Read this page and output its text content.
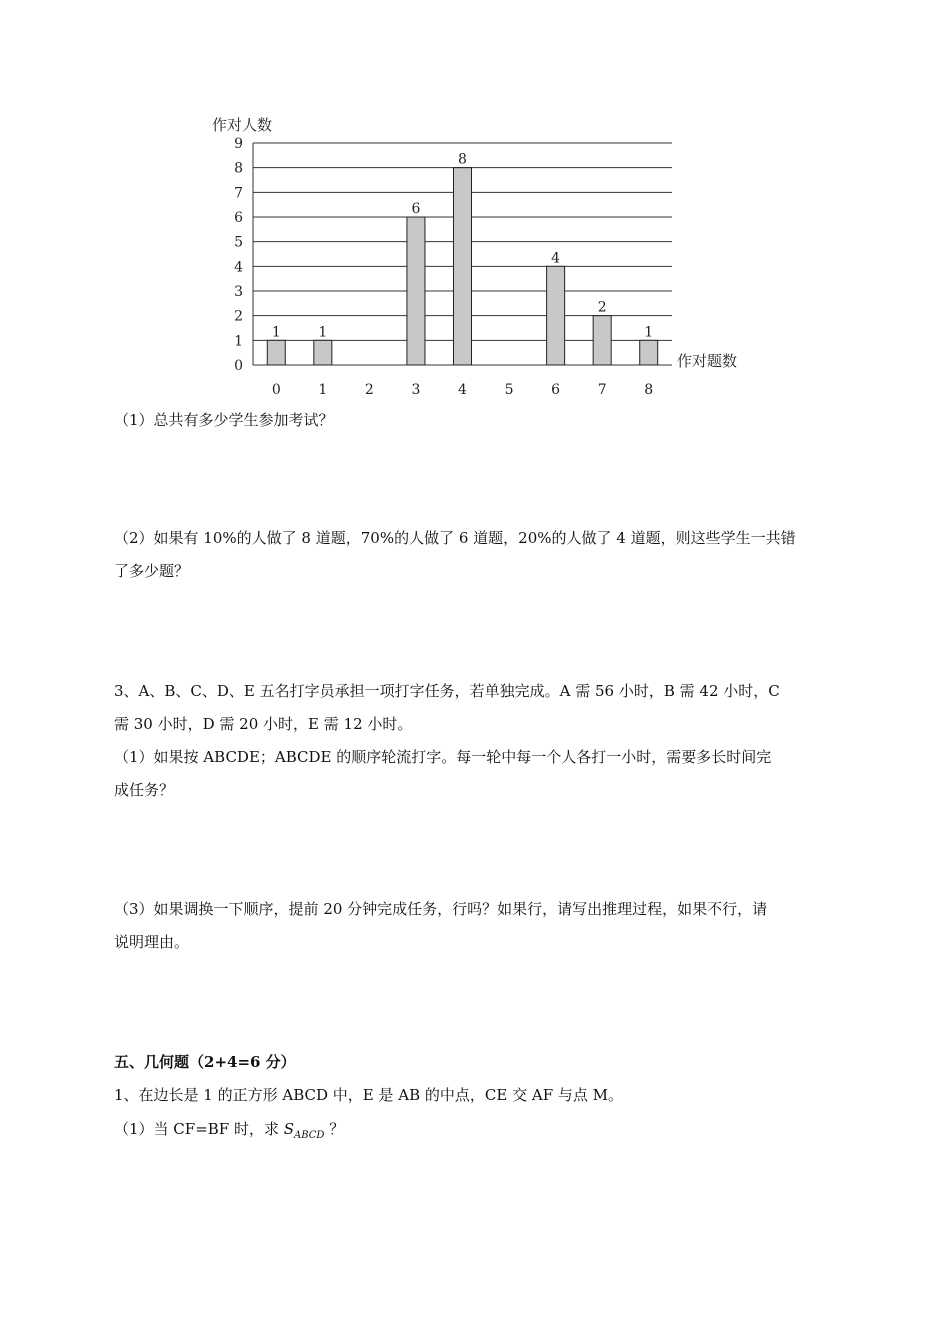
作对人数
作对题数
1	1
6
8
4
2
1
0
1
2
3
4
5
6
7
8
9
0	1	2	3	4	5	6	7	8

（1）总共有多少学生参加考试？

（2）如果有 10%的人做了 8 道题，70%的人做了 6 道题，20%的人做了 4 道题，则这些学生一共错
了多少题？

3、A、B、C、D、E 五名打字员承担一项打字任务，若单独完成。A 需 56 小时，B 需 42 小时，C
需 30 小时，D 需 20 小时，E 需 12 小时。

（1）如果按 ABCDE；ABCDE 的顺序轮流打字。每一轮中每一个人各打一小时，需要多长时间完
成任务？

（3）如果调换一下顺序，提前 20 分钟完成任务，行吗？如果行，请写出推理过程，如果不行，请
说明理由。

五、几何题（2+4=6 分）

1、在边长是 1 的正方形 ABCD 中，E 是 AB 的中点，CE 交 AF 与点 M。

（1）当 CF=BF 时，求 $S_{ABCD}$ ？
